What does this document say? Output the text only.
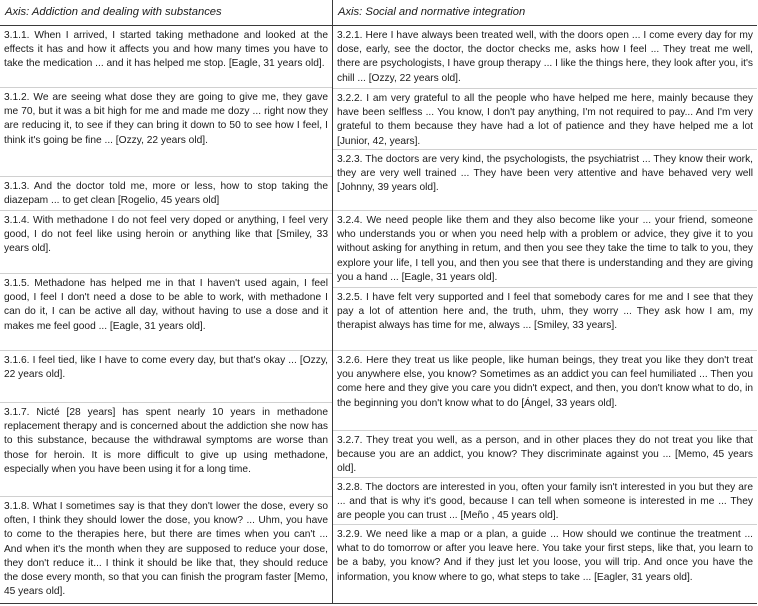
Axis: Addiction and dealing with substances
3.1.1. When I arrived, I started taking methadone and looked at the effects it has and how it affects you and how many times you have to take the medication ... and it has helped me stop. [Eagle, 31 years old].
3.1.2. We are seeing what dose they are going to give me, they gave me 70, but it was a bit high for me and made me dozy ... right now they are reducing it, to see if they can bring it down to 50 to see how I feel, I think it's going be fine ... [Ozzy, 22 years old].
3.1.3. And the doctor told me, more or less, how to stop taking the diazepam ... to get clean [Rogelio, 45 years old]
3.1.4. With methadone I do not feel very doped or anything, I feel very good, I do not feel like using heroin or anything like that [Smiley, 33 years old].
3.1.5. Methadone has helped me in that I haven't used again, I feel good, I feel I don't need a dose to be able to work, with methadone I can do it, I can be active all day, without having to use a dose and it makes me feel good ... [Eagle, 31 years old].
3.1.6. I feel tied, like I have to come every day, but that's okay ... [Ozzy, 22 years old].
3.1.7. Nicté [28 years] has spent nearly 10 years in methadone replacement therapy and is concerned about the addiction she now has to this substance, because the withdrawal symptoms are worse than those for heroin. It is more difficult to give up using methadone, especially when you have been using it for a long time.
3.1.8. What I sometimes say is that they don't lower the dose, every so often, I think they should lower the dose, you know? ... Uhm, you have to come to the therapies here, but there are times when you can't ... And when it's the month when they are supposed to reduce your dose, they don't reduce it... I think it should be like that, they should reduce the dose every month, so that you can finish the program faster [Memo, 45 years old].
Axis: Social and normative integration
3.2.1. Here I have always been treated well, with the doors open ... I come every day for my dose, early, see the doctor, the doctor checks me, asks how I feel ... They treat me well, there are psychologists, I have group therapy ... I like the things here, they look after you, it's chill ... [Ozzy, 22 years old].
3.2.2. I am very grateful to all the people who have helped me here, mainly because they have been selfless ... You know, I don't pay anything, I'm not required to pay... And I'm very grateful to them because they have had a lot of patience and they have helped me a lot [Junior, 42, years].
3.2.3. The doctors are very kind, the psychologists, the psychiatrist ... They know their work, they are very well trained ... They have been very attentive and have behaved very well [Johnny, 39 years old].
3.2.4. We need people like them and they also become like your ... your friend, someone who understands you or when you need help with a problem or advice, they give it to you without asking for anything in retum, and then you see they take the time to talk to you, they explore your life, I tell you, and then you see that there is understanding and they are giving you a hand ... [Eagle, 31 years old].
3.2.5. I have felt very supported and I feel that somebody cares for me and I see that they pay a lot of attention here and, the truth, uhm, they worry ... They ask how I am, my therapist always has time for me, always ... [Smiley, 33 years].
3.2.6. Here they treat us like people, like human beings, they treat you like they don't treat you anywhere else, you know? Sometimes as an addict you can feel humiliated ... Then you come here and they give you care you didn't expect, and then, you don't know what to do, in the beginning you don't know what to do [Ángel, 33 years old].
3.2.7. They treat you well, as a person, and in other places they do not treat you like that because you are an addict, you know? They discriminate against you ... [Memo, 45 years old].
3.2.8. The doctors are interested in you, often your family isn't interested in you but they are ... and that is why it's good, because I can tell when someone is interested in me ... They are people you can trust ... [Meño , 45 years old].
3.2.9. We need like a map or a plan, a guide ... How should we continue the treatment ... what to do tomorrow or after you leave here. You take your first steps, like that, you learn to be a baby, you know? And if they just let you loose, you will trip. And once you have the information, you know where to go, what steps to take ... [Eagler, 31 years old].
